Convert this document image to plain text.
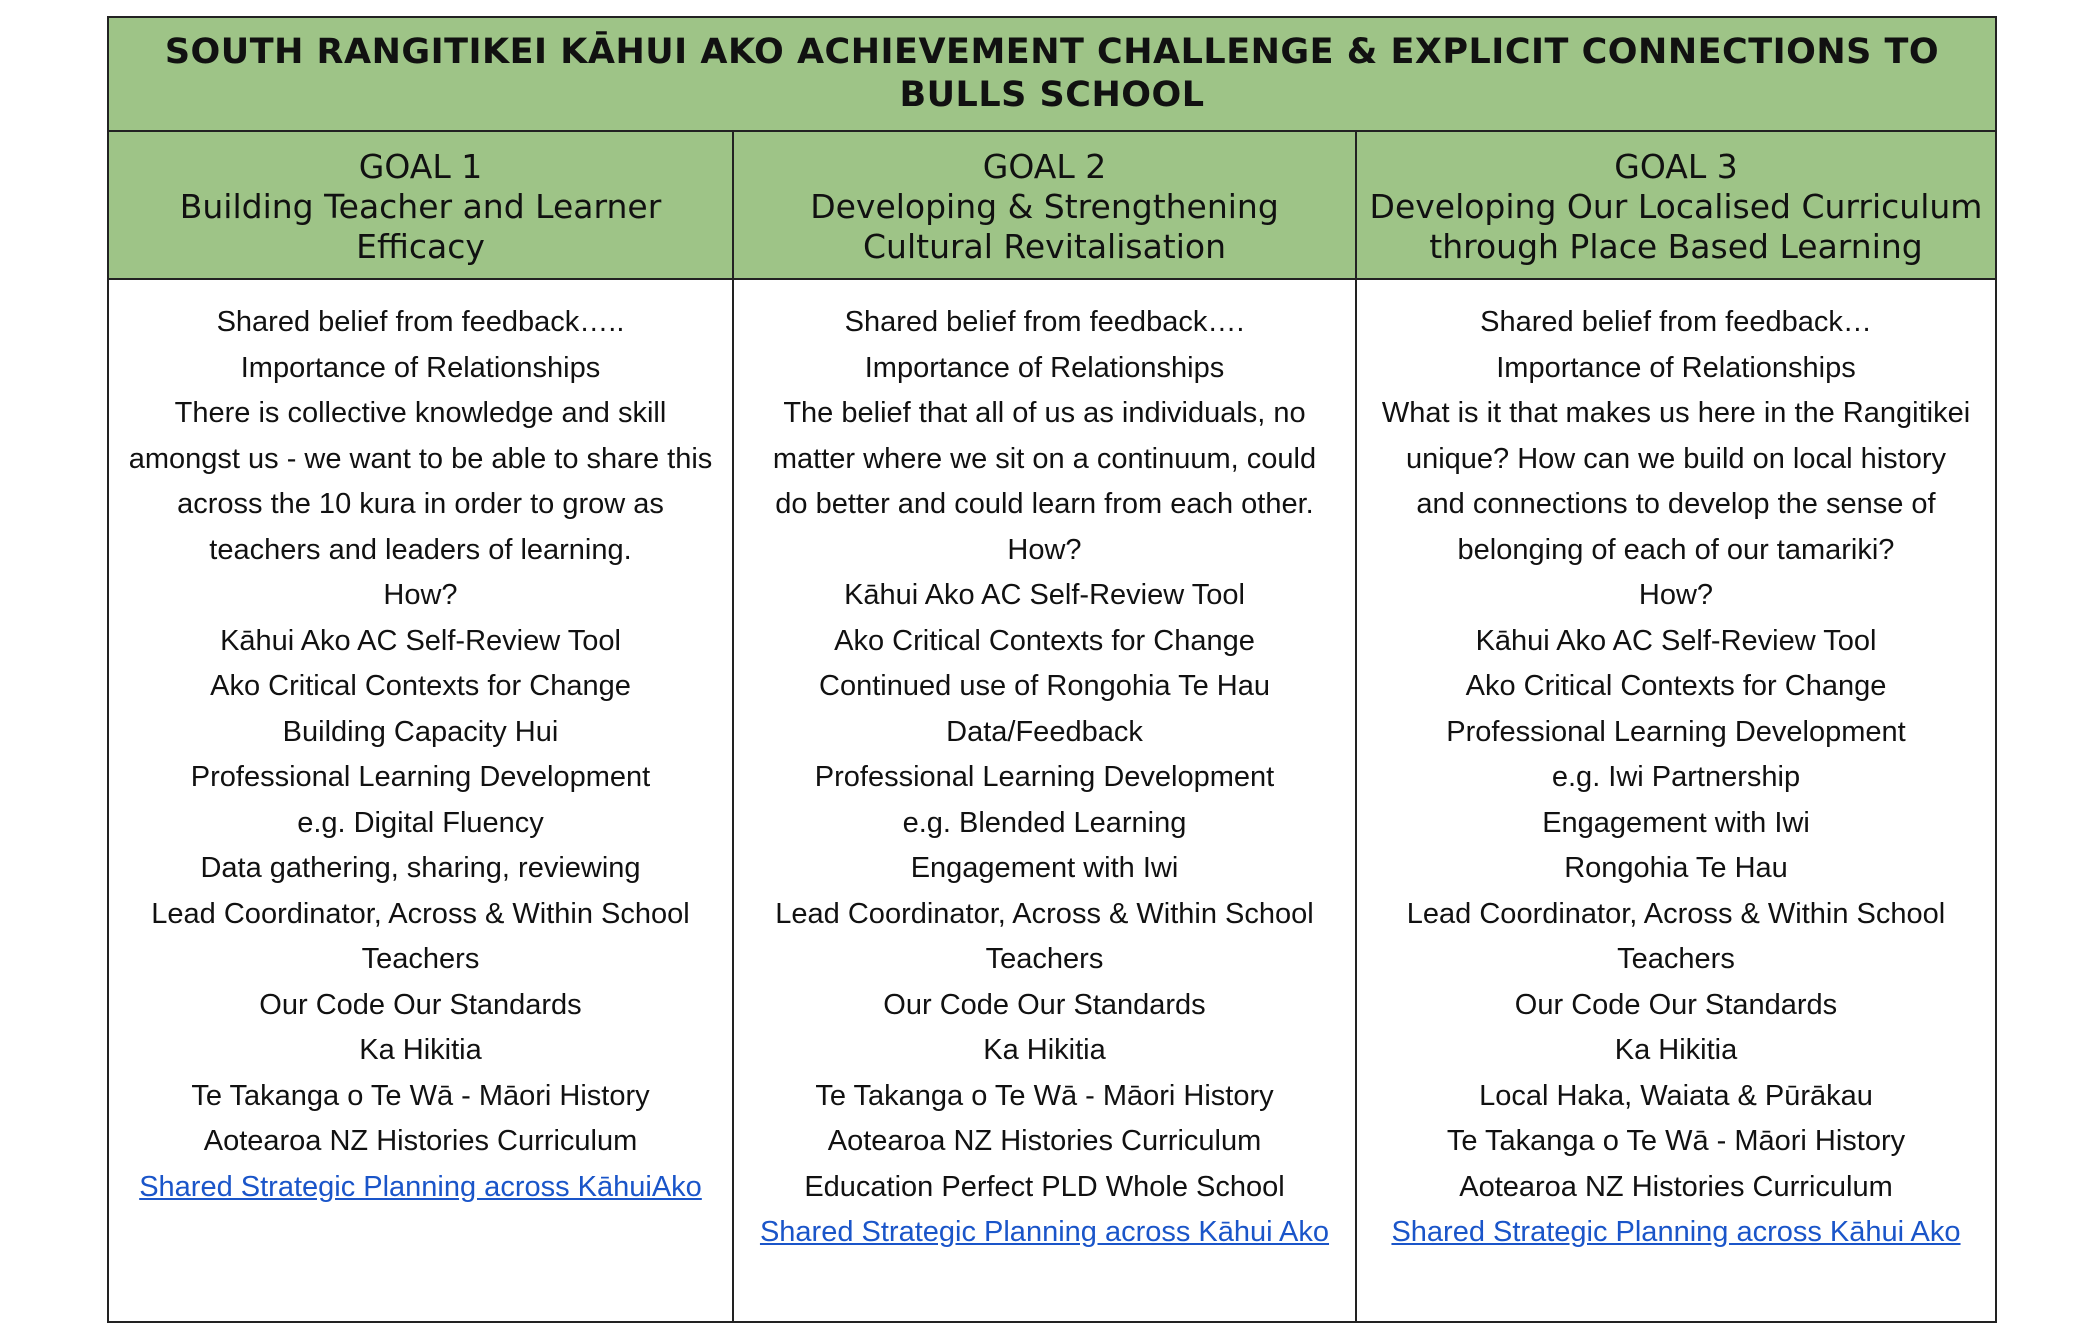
SOUTH RANGITIKEI KĀHUI AKO ACHIEVEMENT CHALLENGE & EXPLICIT CONNECTIONS TO BULLS SCHOOL
GOAL 1
Building Teacher and Learner
Efficacy
GOAL 2
Developing & Strengthening
Cultural Revitalisation
GOAL 3
Developing Our Localised Curriculum
through Place Based Learning
Shared belief from feedback…..
Importance of Relationships
There is collective knowledge and skill amongst us - we want to be able to share this across the 10 kura in order to grow as teachers and leaders of learning.
How?
Kāhui Ako AC Self-Review Tool
Ako Critical Contexts for Change
Building Capacity Hui
Professional Learning Development
e.g. Digital Fluency
Data gathering, sharing, reviewing
Lead Coordinator, Across & Within School
Teachers
Our Code Our Standards
Ka Hikitia
Te Takanga o Te Wā - Māori History
Aotearoa NZ Histories Curriculum
Shared Strategic Planning across KāhuiAko
Shared belief from feedback….
Importance of Relationships
The belief that all of us as individuals, no matter where we sit on a continuum, could do better and could learn from each other.
How?
Kāhui Ako AC Self-Review Tool
Ako Critical Contexts for Change
Continued use of Rongohia Te Hau
Data/Feedback
Professional Learning Development
e.g. Blended Learning
Engagement with Iwi
Lead Coordinator, Across & Within School
Teachers
Our Code Our Standards
Ka Hikitia
Te Takanga o Te Wā - Māori History
Aotearoa NZ Histories Curriculum
Education Perfect PLD Whole School
Shared Strategic Planning across Kāhui Ako
Shared belief from feedback…
Importance of Relationships
What is it that makes us here in the Rangitikei unique? How can we build on local history and connections to develop the sense of belonging of each of our tamariki?
How?
Kāhui Ako AC Self-Review Tool
Ako Critical Contexts for Change
Professional Learning Development
e.g. Iwi Partnership
Engagement with Iwi
Rongohia Te Hau
Lead Coordinator, Across & Within School
Teachers
Our Code Our Standards
Ka Hikitia
Local Haka, Waiata & Pūrākau
Te Takanga o Te Wā - Māori History
Aotearoa NZ Histories Curriculum
Shared Strategic Planning across Kāhui Ako
